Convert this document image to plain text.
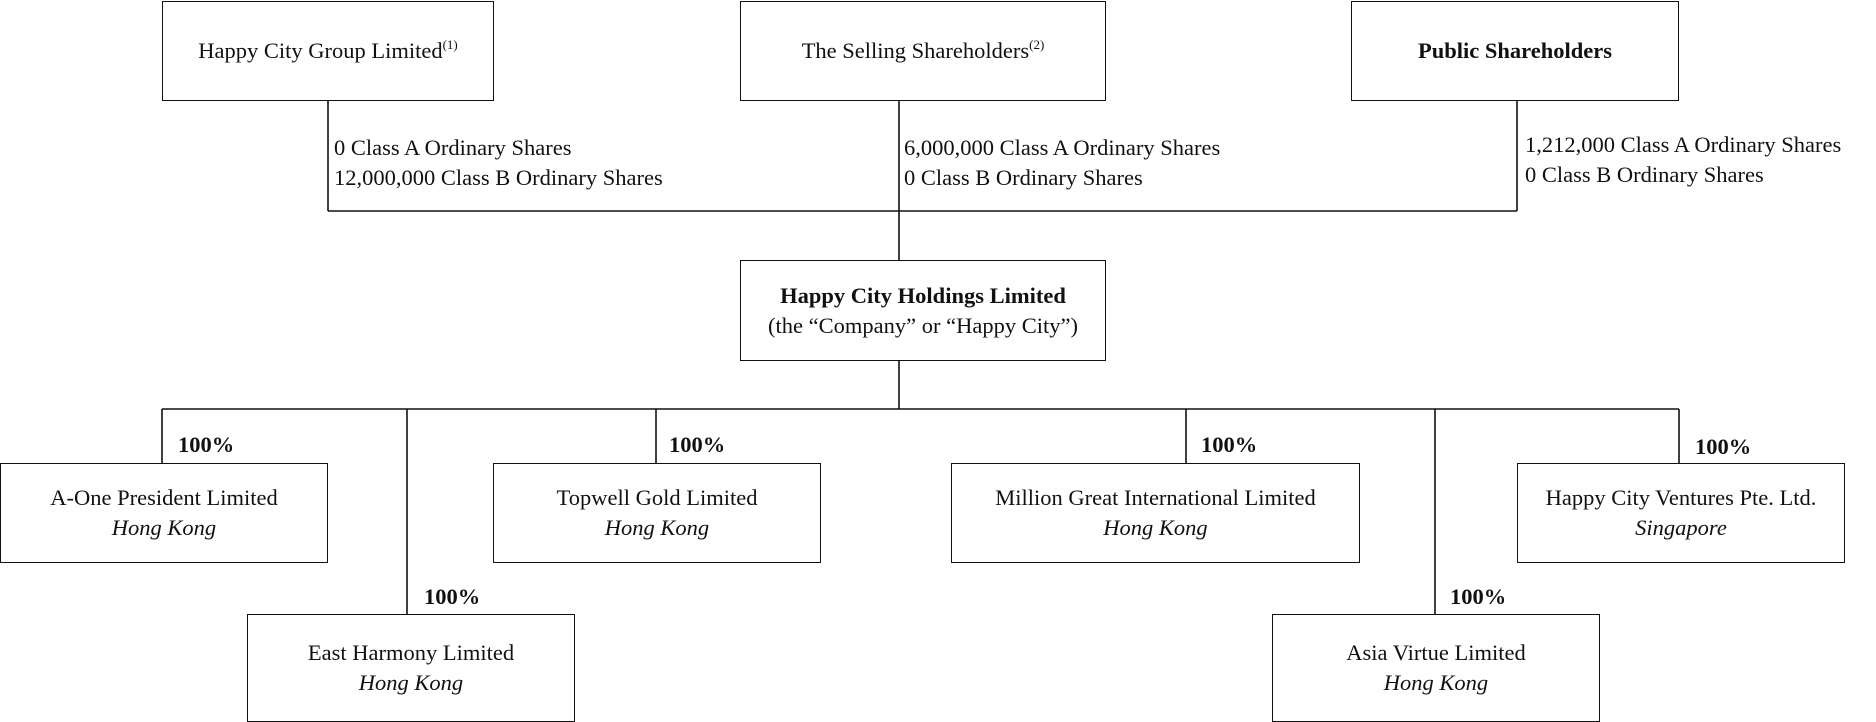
Happy City Group Limited$^{(1)}$	The Selling Shareholders$^{(2)}$	Public Shareholders
0 Class A Ordinary Shares
12,000,000 Class B Ordinary Shares
6,000,000 Class A Ordinary Shares
0 Class B Ordinary Shares
1,212,000 Class A Ordinary Shares
0 Class B Ordinary Shares
Happy City Holdings Limited
(the “Company” or “Happy City”)
A-One President Limited
Hong Kong
Topwell Gold Limited
Hong Kong
Million Great International Limited
Hong Kong
Happy City Ventures Pte. Ltd.
Singapore
East Harmony Limited
Hong Kong
Asia Virtue Limited
Hong Kong
100%	100%	100%	100%
100%	100%
